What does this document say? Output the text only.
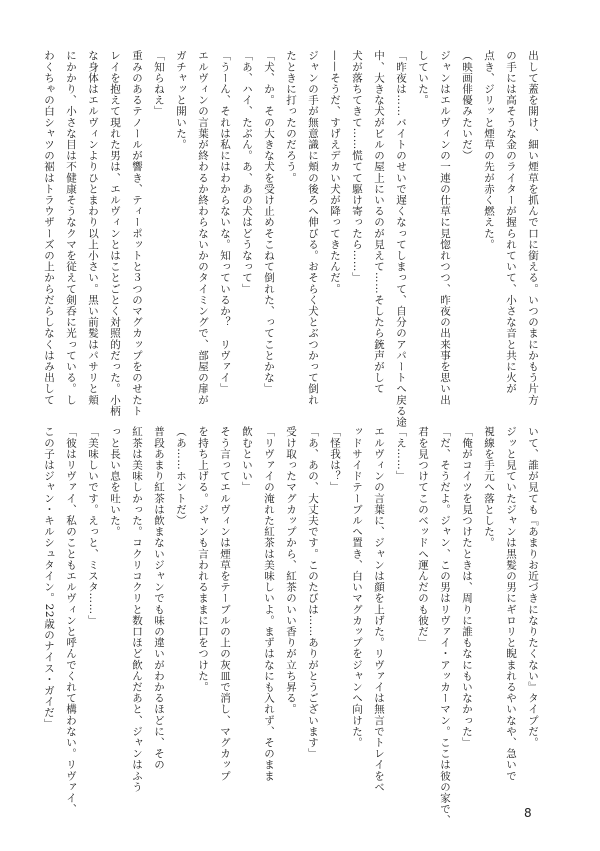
出して蓋を開け、細い煙草を抓んで口に銜える。いつのまにかもう片方
の手には高そうな金のライターが握られていて、小さな音と共に火が
点き、ジリッと煙草の先が赤く燃えた。
（映画俳優みたいだ）
ジャンはエルヴィンの一連の仕草に見惚れつつ、昨夜の出来事を思い出
していた。
「昨夜は……バイトのせいで遅くなってしまって、自分のアパートへ戻る途
中、大きな犬がビルの屋上にいるのが見えて……そしたら銃声がして
犬が落ちてきて……慌てて駆け寄ったら……」
——そうだ、すげえデカい犬が降ってきたんだ。
ジャンの手が無意識に頬の後ろへ伸びる。おそらく犬とぶつかって倒れ
たときに打ったのだろう。
「犬、か。その大きな犬を受け止めそこねて倒れた、ってことかな」
「あ、ハイ、たぶん。あ、あの犬はどうなって」
「うーん、それは私にはわからないな。知っているか？　リヴァイ」
エルヴィンの言葉が終わるか終わらないかのタイミングで、部屋の扉が
ガチャッと開いた。
「知らねえ」
重みのあるテノールが響き、ティーポットと３つのマグカップをのせたト
レイを抱えて現れた男は、エルヴィンとはことごとく対照的だった。小柄
な身体はエルヴィンよりひとまわり以上小さい。黒い前髪はパサリと頬
にかかり、小さな目は不健康そうなクマを従えて剣呑に光っている。し
わくちゃの白シャツの裾はトラウザーズの上からだらしなくはみ出して
いて、誰が見ても『あまりお近づきになりたくない』タイプだ。
ジッと見ていたジャンは黒髪の男にギロリと睨まれるやいなや、急いで
視線を手元へ落とした。
「俺がコイツを見つけたときは、周りに誰もなにもいなかった」
「だ、そうだよ。ジャン、この男はリヴァイ・アッカーマン。ここは彼の家で、
君を見つけてこのベッドへ運んだのも彼だ」
「え……」
エルヴィンの言葉に、ジャンは顔を上げた。リヴァイは無言でトレイをベ
ッドサイドテーブルへ置き、白いマグカップをジャンへ向けた。
「怪我は？」
「あ、あの、大丈夫です。このたびは……ありがとうございます」
受け取ったマグカップから、紅茶のいい香りが立ち昇る。
「リヴァイの淹れた紅茶は美味しいよ。まずはなにも入れず、そのまま
飲むといい」
そう言ってエルヴィンは煙草をテーブルの上の灰皿で消し、マグカップ
を持ち上げる。ジャンも言われるままに口をつけた。
（あ……ホントだ）
普段あまり紅茶は飲まないジャンでも味の違いがわかるほどに、その
紅茶は美味しかった。コクリコクリと数口ほど飲んだあと、ジャンはふう
っと長い息を吐いた。
「美味しいです。えっと、ミスタ……」
「彼はリヴァイ、私のこともエルヴィンと呼んでくれて構わない。リヴァイ、
この子はジャン・キルシュタイン。22歳のナイス・ガイだ」
8
